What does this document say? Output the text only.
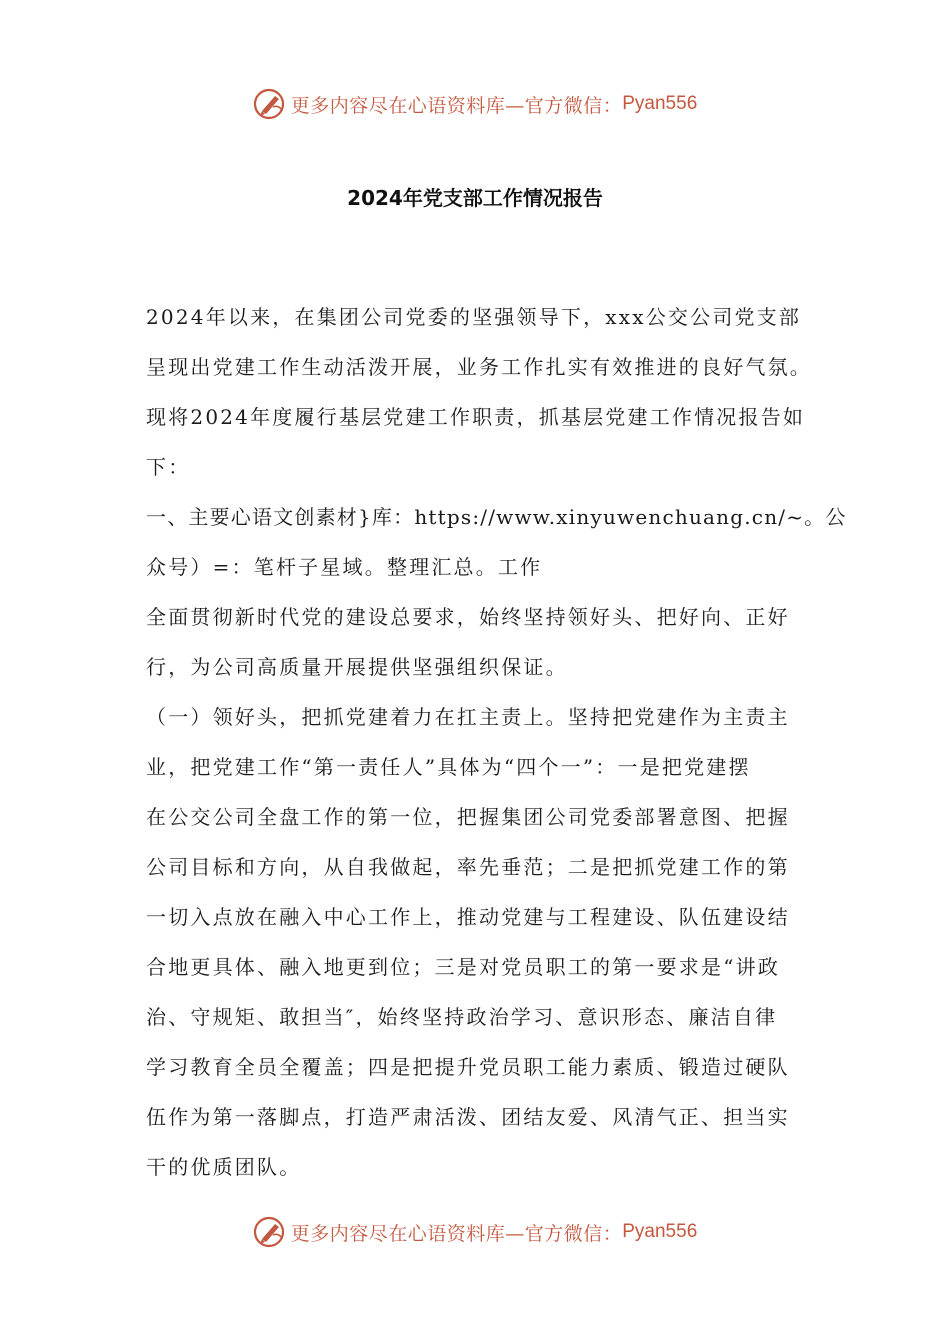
更多内容尽在心语资料库—官方微信： Pyan556
2024年党支部工作情况报告
2024年以来，在集团公司党委的坚强领导下，xxx公交公司党支部
呈现出党建工作生动活泼开展，业务工作扎实有效推进的良好气氛。
现将2024年度履行基层党建工作职责，抓基层党建工作情况报告如
下：
一、主要心语文创素材}库：https://www.xinyuwenchuang.cn/~。公
众号）=：笔杆子星域。整理汇总。工作
全面贯彻新时代党的建设总要求，始终坚持领好头、把好向、正好
行，为公司高质量开展提供坚强组织保证。
（一）领好头，把抓党建着力在扛主责上。坚持把党建作为主责主
业，把党建工作“第一责任人”具体为“四个一”：一是把党建摆
在公交公司全盘工作的第一位，把握集团公司党委部署意图、把握
公司目标和方向，从自我做起，率先垂范；二是把抓党建工作的第
一切入点放在融入中心工作上，推动党建与工程建设、队伍建设结
合地更具体、融入地更到位；三是对党员职工的第一要求是“讲政
治、守规矩、敢担当″，始终坚持政治学习、意识形态、廉洁自律
学习教育全员全覆盖；四是把提升党员职工能力素质、锻造过硬队
伍作为第一落脚点，打造严肃活泼、团结友爱、风清气正、担当实
干的优质团队。
更多内容尽在心语资料库—官方微信： Pyan556
